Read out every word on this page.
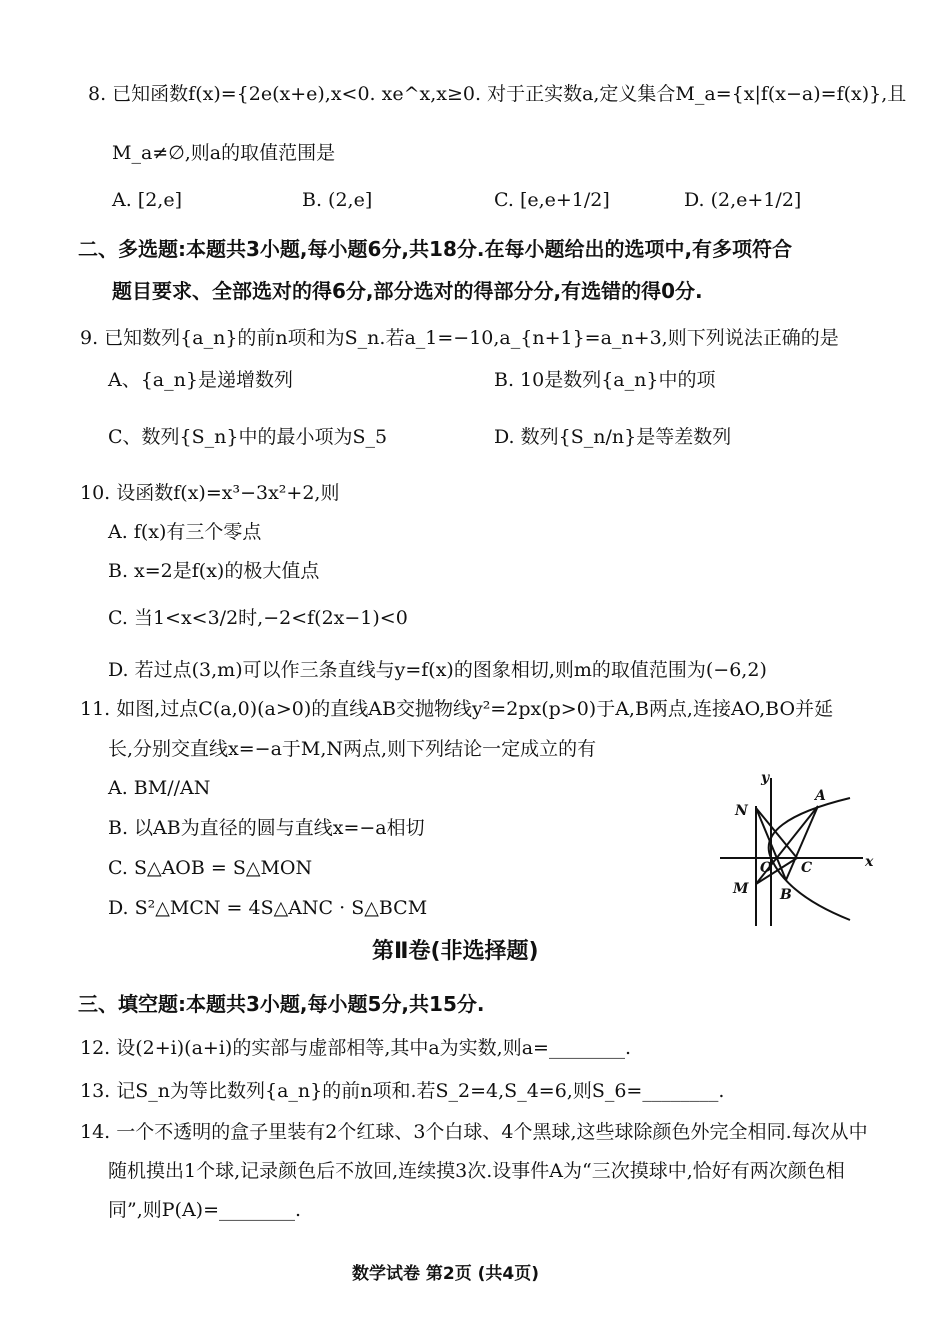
8. 已知函数f(x)={2e(x+e),x<0. xe^x,x≥0. 对于正实数a,定义集合M_a={x|f(x−a)=f(x)},且
M_a≠∅,则a的取值范围是
A. [2,e]	B. (2,e]	C. [e,e+1/2]	D. (2,e+1/2]
二、多选题:本题共3小题,每小题6分,共18分.在每小题给出的选项中,有多项符合
题目要求、全部选对的得6分,部分选对的得部分分,有选错的得0分.
9. 已知数列{a_n}的前n项和为S_n.若a_1=−10,a_{n+1}=a_n+3,则下列说法正确的是
A、{a_n}是递增数列	B. 10是数列{a_n}中的项
C、数列{S_n}中的最小项为S_5	D. 数列{S_n/n}是等差数列
10. 设函数f(x)=x³−3x²+2,则
A. f(x)有三个零点
B. x=2是f(x)的极大值点
C. 当1<x<3/2时,−2<f(2x−1)<0
D. 若过点(3,m)可以作三条直线与y=f(x)的图象相切,则m的取值范围为(−6,2)
11. 如图,过点C(a,0)(a>0)的直线AB交抛物线y²=2px(p>0)于A,B两点,连接AO,BO并延
长,分别交直线x=−a于M,N两点,则下列结论一定成立的有
A. BM//AN
B. 以AB为直径的圆与直线x=−a相切
C. S△AOB = S△MON
D. S²△MCN = 4S△ANC · S△BCM
y
x
A
N
O C
M B
第Ⅱ卷(非选择题)
三、填空题:本题共3小题,每小题5分,共15分.
12. 设(2+i)(a+i)的实部与虚部相等,其中a为实数,则a=________.
13. 记S_n为等比数列{a_n}的前n项和.若S_2=4,S_4=6,则S_6=________.
14. 一个不透明的盒子里装有2个红球、3个白球、4个黑球,这些球除颜色外完全相同.每次从中
随机摸出1个球,记录颜色后不放回,连续摸3次.设事件A为“三次摸球中,恰好有两次颜色相
同”,则P(A)=________.
数学试卷 第2页 (共4页)
